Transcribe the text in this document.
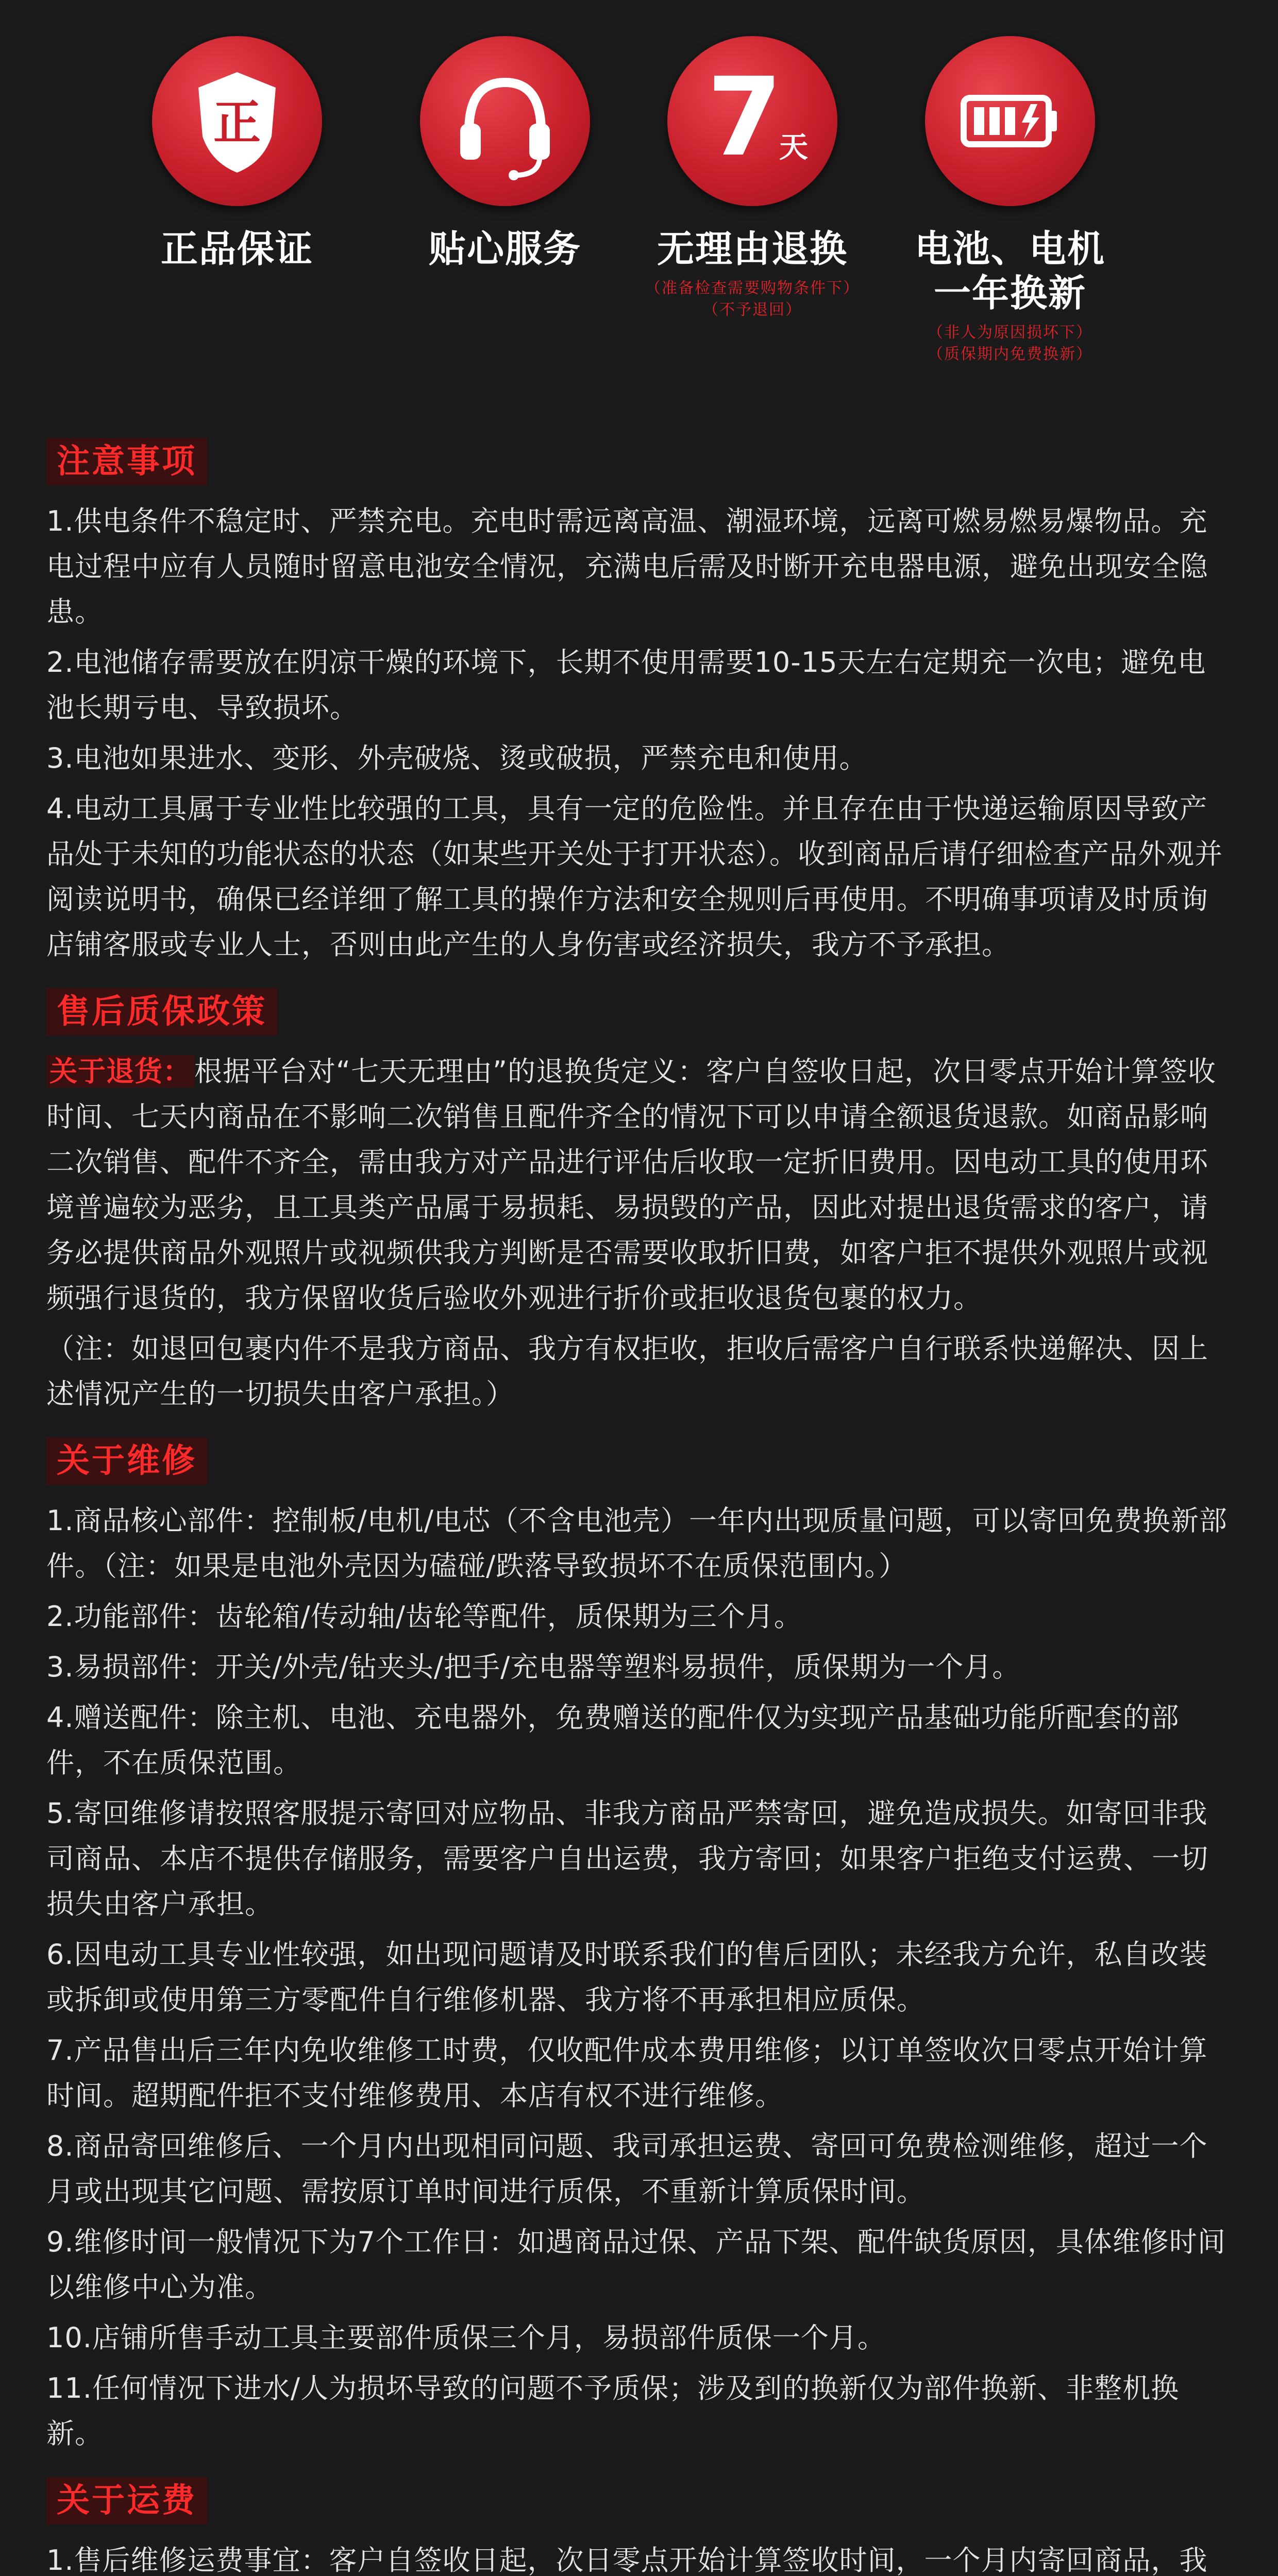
正
正品保证	贴心服务
7
天
无理由退换
（准备检查需要购物条件下）
（不予退回）
电池、电机
一年换新
（非人为原因损坏下）
（质保期内免费换新）
注意事项

1.供电条件不稳定时、严禁充电。充电时需远离高温、潮湿环境，远离可燃易燃易爆物品。充电过程中应有人员随时留意电池安全情况，充满电后需及时断开充电器电源，避免出现安全隐患。

2.电池储存需要放在阴凉干燥的环境下，长期不使用需要10-15天左右定期充一次电；避免电池长期亏电、导致损坏。

3.电池如果进水、变形、外壳破烧、烫或破损，严禁充电和使用。

4.电动工具属于专业性比较强的工具，具有一定的危险性。并且存在由于快递运输原因导致产品处于未知的功能状态的状态（如某些开关处于打开状态）。收到商品后请仔细检查产品外观并阅读说明书，确保已经详细了解工具的操作方法和安全规则后再使用。不明确事项请及时质询店铺客服或专业人士，否则由此产生的人身伤害或经济损失，我方不予承担。

售后质保政策

关于退货： 根据平台对“七天无理由”的退换货定义：客户自签收日起，次日零点开始计算签收时间、七天内商品在不影响二次销售且配件齐全的情况下可以申请全额退货退款。如商品影响二次销售、配件不齐全，需由我方对产品进行评估后收取一定折旧费用。因电动工具的使用环境普遍较为恶劣，且工具类产品属于易损耗、易损毁的产品，因此对提出退货需求的客户，请务必提供商品外观照片或视频供我方判断是否需要收取折旧费，如客户拒不提供外观照片或视频强行退货的，我方保留收货后验收外观进行折价或拒收退货包裹的权力。

（注：如退回包裹内件不是我方商品、我方有权拒收，拒收后需客户自行联系快递解决、因上述情况产生的一切损失由客户承担。）

关于维修

1.商品核心部件：控制板/电机/电芯（不含电池壳）一年内出现质量问题，可以寄回免费换新部件。（注：如果是电池外壳因为磕碰/跌落导致损坏不在质保范围内。）

2.功能部件：齿轮箱/传动轴/齿轮等配件，质保期为三个月。

3.易损部件：开关/外壳/钻夹头/把手/充电器等塑料易损件，质保期为一个月。

4.赠送配件：除主机、电池、充电器外，免费赠送的配件仅为实现产品基础功能所配套的部件，不在质保范围。

5.寄回维修请按照客服提示寄回对应物品、非我方商品严禁寄回，避免造成损失。如寄回非我司商品、本店不提供存储服务，需要客户自出运费，我方寄回；如果客户拒绝支付运费、一切损失由客户承担。

6.因电动工具专业性较强，如出现问题请及时联系我们的售后团队；未经我方允许，私自改装或拆卸或使用第三方零配件自行维修机器、我方将不再承担相应质保。

7.产品售出后三年内免收维修工时费，仅收配件成本费用维修；以订单签收次日零点开始计算时间。超期配件拒不支付维修费用、本店有权不进行维修。

8.商品寄回维修后、一个月内出现相同问题、我司承担运费、寄回可免费检测维修，超过一个月或出现其它问题、需按原订单时间进行质保，不重新计算质保时间。

9.维修时间一般情况下为7个工作日：如遇商品过保、产品下架、配件缺货原因，具体维修时间以维修中心为准。

10.店铺所售手动工具主要部件质保三个月，易损部件质保一个月。

11.任何情况下进水/人为损坏导致的问题不予质保；涉及到的换新仅为部件换新、非整机换新。

关于运费

1.售后维修运费事宜：客户自签收日起，次日零点开始计算签收时间，一个月内寄回商品，我
